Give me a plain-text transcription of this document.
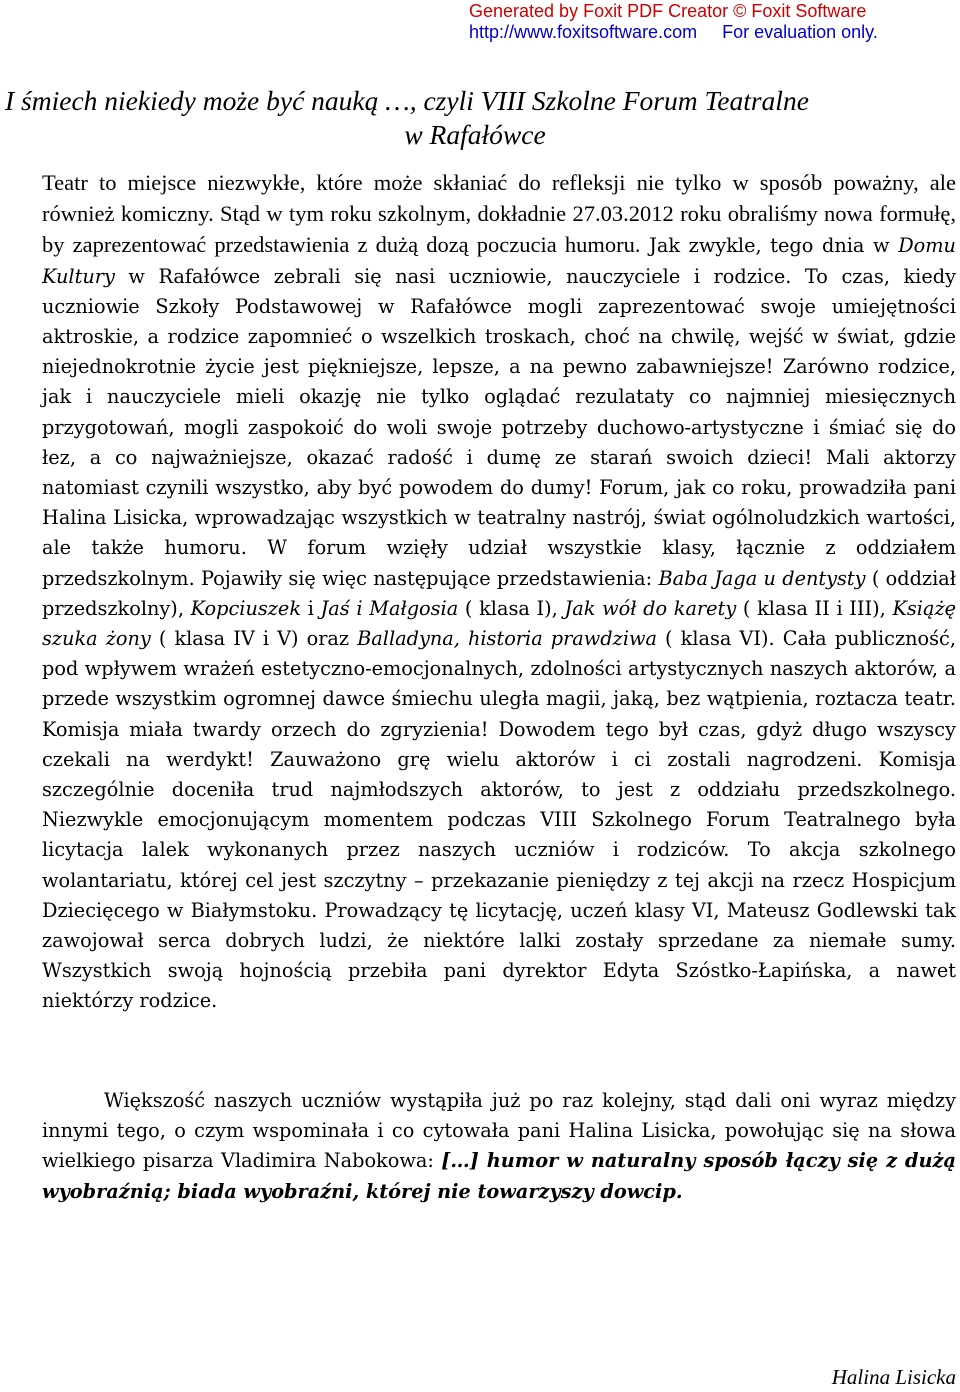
Generated by Foxit PDF Creator © Foxit Software
http://www.foxitsoftware.com For evaluation only.
I śmiech niekiedy może być nauką …, czyli VIII Szkolne Forum Teatralne
w Rafałówce

Teatr to miejsce niezwykłe, które może skłaniać do refleksji nie tylko w sposób poważny, ale również komiczny. Stąd w tym roku szkolnym, dokładnie 27.03.2012 roku obraliśmy nowa formułę, by zaprezentować przedstawienia z dużą dozą poczucia humoru. Jak zwykle, tego dnia w Domu Kultury w Rafałówce zebrali się nasi uczniowie, nauczyciele i rodzice. To czas, kiedy uczniowie Szkoły Podstawowej w Rafałówce mogli zaprezentować swoje umiejętności aktroskie, a rodzice zapomnieć o wszelkich troskach, choć na chwilę, wejść w świat, gdzie niejednokrotnie życie jest piękniejsze, lepsze, a na pewno zabawniejsze! Zarówno rodzice, jak i nauczyciele mieli okazję nie tylko oglądać rezulataty co najmniej miesięcznych przygotowań, mogli zaspokoić do woli swoje potrzeby duchowo-artystyczne i śmiać się do łez, a co najważniejsze, okazać radość i dumę ze starań swoich dzieci! Mali aktorzy natomiast czynili wszystko, aby być powodem do dumy! Forum, jak co roku, prowadziła pani Halina Lisicka, wprowadzając wszystkich w teatralny nastrój, świat ogólnoludzkich wartości, ale także humoru. W forum wzięły udział wszystkie klasy, łącznie z oddziałem przedszkolnym. Pojawiły się więc następujące przedstawienia: Baba Jaga u dentysty ( oddział przedszkolny), Kopciuszek i Jaś i Małgosia ( klasa I), Jak wół do karety ( klasa II i III), Książę szuka żony ( klasa IV i V) oraz Balladyna, historia prawdziwa ( klasa VI). Cała publiczność, pod wpływem wrażeń estetyczno-emocjonalnych, zdolności artystycznych naszych aktorów, a przede wszystkim ogromnej dawce śmiechu uległa magii, jaką, bez wątpienia, roztacza teatr. Komisja miała twardy orzech do zgryzienia! Dowodem tego był czas, gdyż długo wszyscy czekali na werdykt! Zauważono grę wielu aktorów i ci zostali nagrodzeni. Komisja szczególnie doceniła trud najmłodszych aktorów, to jest z oddziału przedszkolnego. Niezwykle emocjonującym momentem podczas VIII Szkolnego Forum Teatralnego była licytacja lalek wykonanych przez naszych uczniów i rodziców. To akcja szkolnego wolantariatu, której cel jest szczytny – przekazanie pieniędzy z tej akcji na rzecz Hospicjum Dziecięcego w Białymstoku. Prowadzący tę licytację, uczeń klasy VI, Mateusz Godlewski tak zawojował serca dobrych ludzi, że niektóre lalki zostały sprzedane za niemałe sumy. Wszystkich swoją hojnością przebiła pani dyrektor Edyta Szóstko-Łapińska, a nawet niektórzy rodzice.

Większość naszych uczniów wystąpiła już po raz kolejny, stąd dali oni wyraz między innymi tego, o czym wspominała i co cytowała pani Halina Lisicka, powołując się na słowa wielkiego pisarza Vladimira Nabokowa: […] humor w naturalny sposób łączy się z dużą wyobraźnią; biada wyobraźni, której nie towarzyszy dowcip.

Halina Lisicka
